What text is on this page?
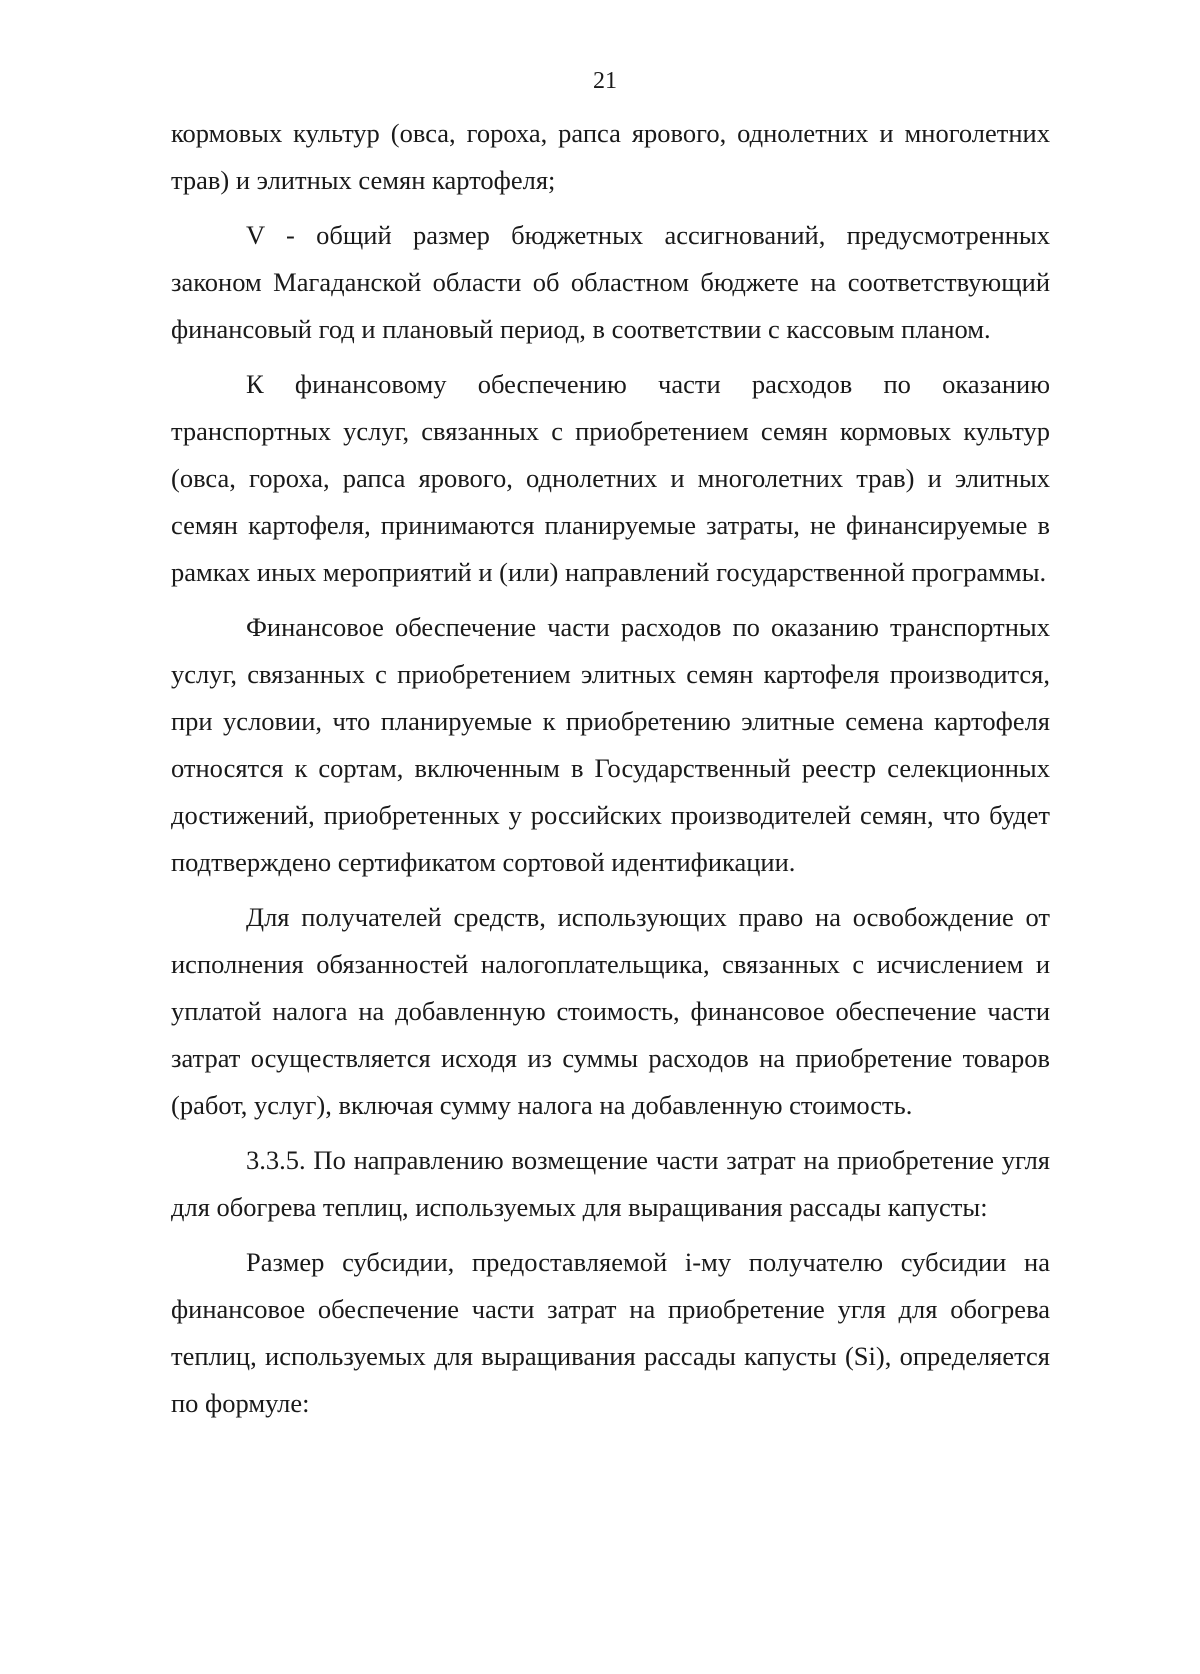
21

кормовых культур (овса, гороха, рапса ярового, однолетних и многолетних трав) и элитных семян картофеля;

V - общий размер бюджетных ассигнований, предусмотренных законом Магаданской области об областном бюджете на соответствующий финансовый год и плановый период, в соответствии с кассовым планом.

К финансовому обеспечению части расходов по оказанию транспортных услуг, связанных с приобретением семян кормовых культур (овса, гороха, рапса ярового, однолетних и многолетних трав) и элитных семян картофеля, принимаются планируемые затраты, не финансируемые в рамках иных мероприятий и (или) направлений государственной программы.

Финансовое обеспечение части расходов по оказанию транспортных услуг, связанных с приобретением элитных семян картофеля производится, при условии, что планируемые к приобретению элитные семена картофеля относятся к сортам, включенным в Государственный реестр селекционных достижений, приобретенных у российских производителей семян, что будет подтверждено сертификатом сортовой идентификации.

Для получателей средств, использующих право на освобождение от исполнения обязанностей налогоплательщика, связанных с исчислением и уплатой налога на добавленную стоимость, финансовое обеспечение части затрат осуществляется исходя из суммы расходов на приобретение товаров (работ, услуг), включая сумму налога на добавленную стоимость.

3.3.5. По направлению возмещение части затрат на приобретение угля для обогрева теплиц, используемых для выращивания рассады капусты:

Размер субсидии, предоставляемой i-му получателю субсидии на финансовое обеспечение части затрат на приобретение угля для обогрева теплиц, используемых для выращивания рассады капусты (Si), определяется по формуле:
